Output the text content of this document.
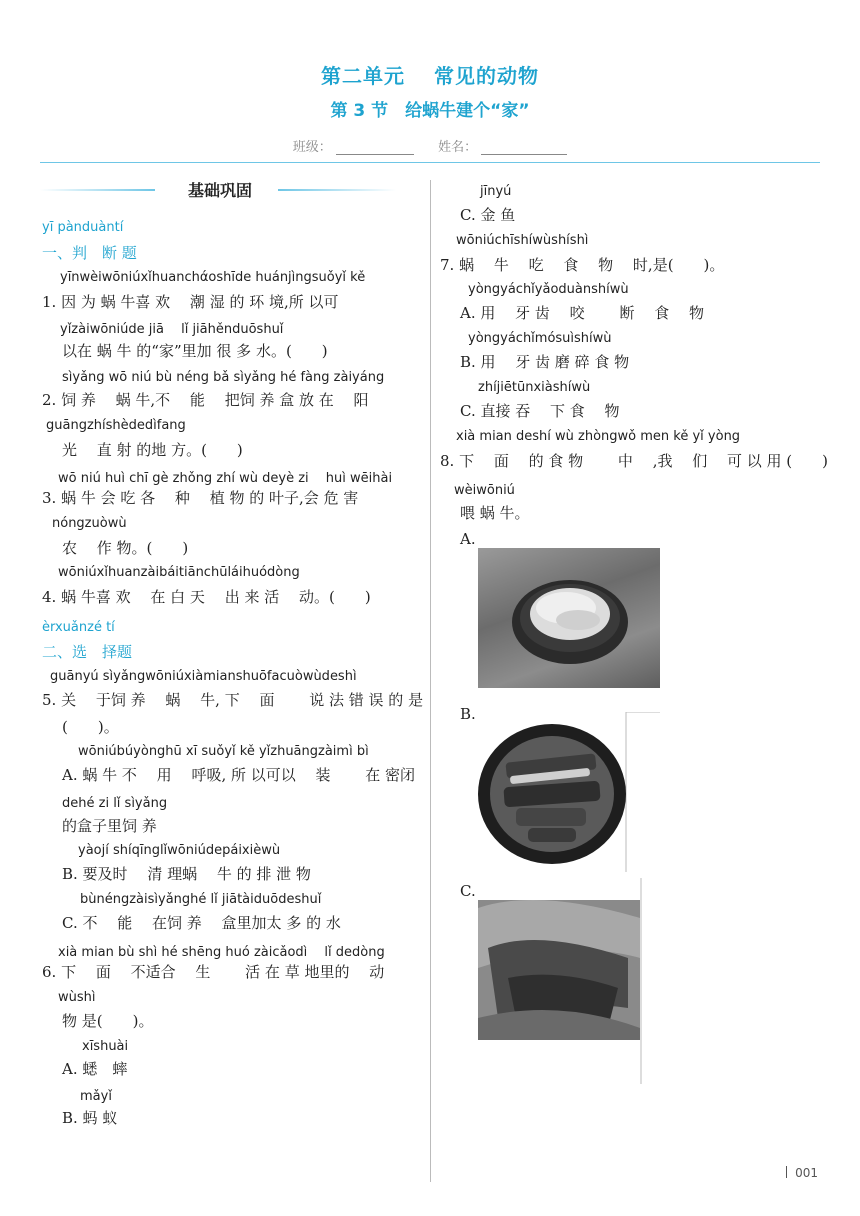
第二单元　 常见的动物
第 3 节　给蜗牛建个“家”
班级：	姓名：
基础巩固
yī pànduàntí
一、判　断 题
yīnwèiwōniúxǐhuanchάoshīde huánjìngsuǒyǐ kě
1. 因 为 蜗 牛喜 欢 　潮 湿 的 环 境,所 以可
yǐzàiwōniúde jiā 　lǐ jiāhěnduōshuǐ
以在 蜗 牛 的“家”里加 很 多 水。(　　)
sìyǎng wō niú bù néng bǎ sìyǎng hé fàng zàiyáng
2. 饲 养 　蜗 牛,不 　能 　把饲 养 盒 放 在 　阳
guāngzhíshèdedìfang
光 　直 射 的地 方。(　　)
wō niú huì chī gè zhǒng zhí wù deyè zi 　huì wēihài
3. 蜗 牛 会 吃 各 　种 　植 物 的 叶子,会 危 害
nóngzuòwù
农 　作 物。(　　)
wōniúxǐhuanzàibáitiānchūláihuódòng
4. 蜗 牛喜 欢 　在 白 天 　出 来 活 　动。(　　)
èrxuǎnzé tí
二、选　择题
guānyú sìyǎngwōniúxiàmianshuōfacuòwùdeshì
5. 关 　于饲 养 　蜗 　牛, 下 　面 　　说 法 错 误 的 是
(　　)。
wōniúbúyònghū xī suǒyǐ kě yǐzhuāngzàimì bì
A. 蜗 牛 不 　用 　呼吸, 所 以可以 　装 　　在 密闭
dehé zi lǐ sìyǎng
的盒子里饲 养
yàojí shíqīnglǐwōniúdepáixièwù
B. 要及时 　清 理蜗 　牛 的 排 泄 物
bùnéngzàisìyǎnghé lǐ jiātàiduōdeshuǐ
C. 不 　能 　在饲 养 　盒里加太 多 的 水
xià mian bù shì hé shēng huó zàicǎodì 　lǐ dedòng
6. 下 　面 　不适合 　生 　　活 在 草 地里的 　动
wùshì
物 是(　　)。
xīshuài
A. 蟋　蟀
mǎyǐ
B. 蚂 蚁
jīnyú
C. 金 鱼
wōniúchīshíwùshíshì
7. 蜗 　牛 　吃 　食 　物 　时,是(　　)。
yòngyáchǐyǎoduànshíwù
A. 用 　牙 齿 　咬 　　断 　食 　物
yòngyáchǐmósuìshíwù
B. 用 　牙 齿 磨 碎 食 物
zhíjiētūnxiàshíwù
C. 直接 吞 　下 食 　物
xià mian deshí wù zhòngwǒ men kě yǐ yòng
8. 下 　面 　的 食 物 　　中 　,我 　们 　可 以 用 (　　)
wèiwōniú
喂 蜗 牛。
A.
B.
C.
001
